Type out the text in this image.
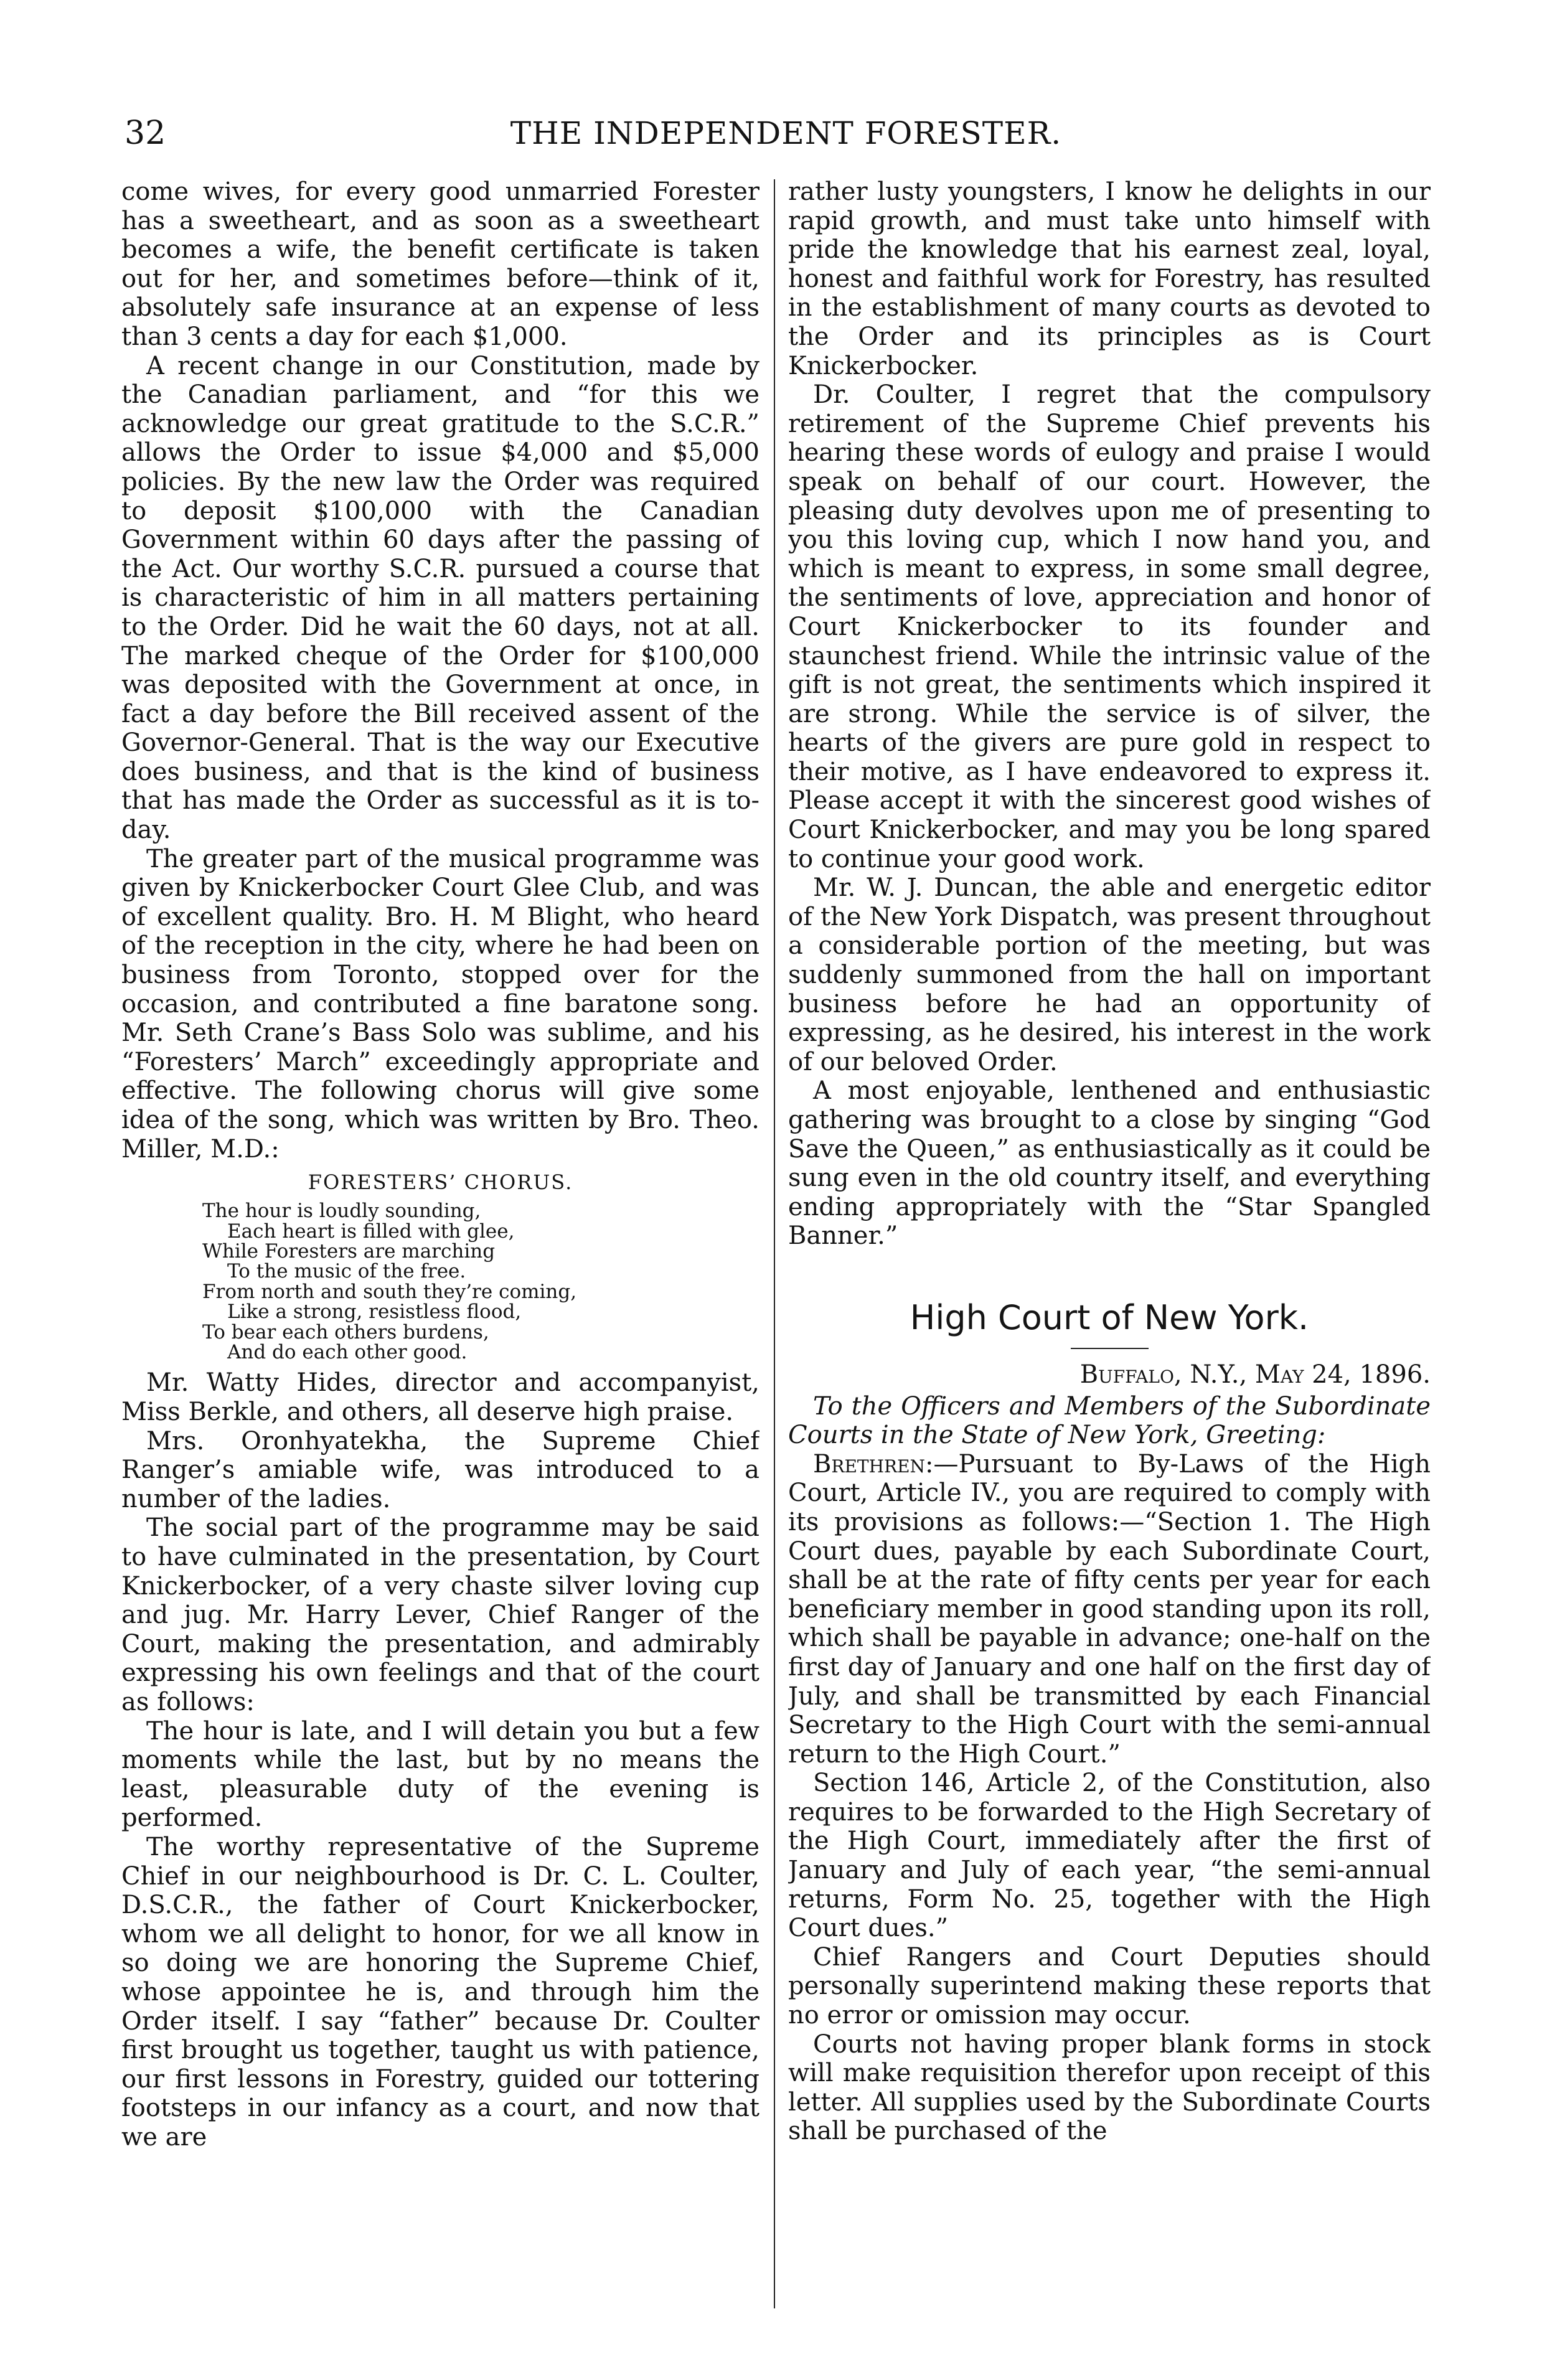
32	THE INDEPENDENT FORESTER.

come wives, for every good unmarried Forester has a sweetheart, and as soon as a sweetheart becomes a wife, the benefit certificate is taken out for her, and sometimes before—think of it, absolutely safe insurance at an expense of less than 3 cents a day for each $1,000.

A recent change in our Constitution, made by the Canadian parliament, and “for this we acknowledge our great gratitude to the S.C.R.” allows the Order to issue $4,000 and $5,000 policies. By the new law the Order was required to deposit $100,000 with the Canadian Government within 60 days after the passing of the Act. Our worthy S.C.R. pursued a course that is characteristic of him in all matters pertaining to the Order. Did he wait the 60 days, not at all. The marked cheque of the Order for $100,000 was deposited with the Government at once, in fact a day before the Bill received assent of the Governor-General. That is the way our Executive does business, and that is the kind of business that has made the Order as successful as it is to-day.

The greater part of the musical programme was given by Knickerbocker Court Glee Club, and was of excellent quality. Bro. H. M Blight, who heard of the reception in the city, where he had been on business from Toronto, stopped over for the occasion, and contributed a fine baratone song. Mr. Seth Crane’s Bass Solo was sublime, and his “Foresters’ March” exceedingly appropriate and effective. The following chorus will give some idea of the song, which was written by Bro. Theo. Miller, M.D.:

FORESTERS’ CHORUS.
The hour is loudly sounding,
Each heart is filled with glee,
While Foresters are marching
To the music of the free.
From north and south they’re coming,
Like a strong, resistless flood,
To bear each others burdens,
And do each other good.

Mr. Watty Hides, director and accompanyist, Miss Berkle, and others, all deserve high praise.

Mrs. Oronhyatekha, the Supreme Chief Ranger’s amiable wife, was introduced to a number of the ladies.

The social part of the programme may be said to have culminated in the presentation, by Court Knickerbocker, of a very chaste silver loving cup and jug. Mr. Harry Lever, Chief Ranger of the Court, making the presentation, and admirably expressing his own feelings and that of the court as follows:

The hour is late, and I will detain you but a few moments while the last, but by no means the least, pleasurable duty of the evening is performed.

The worthy representative of the Supreme Chief in our neighbourhood is Dr. C. L. Coulter, D.S.C.R., the father of Court Knickerbocker, whom we all delight to honor, for we all know in so doing we are honoring the Supreme Chief, whose appointee he is, and through him the Order itself. I say “father” because Dr. Coulter first brought us together, taught us with patience, our first lessons in Forestry, guided our tottering footsteps in our infancy as a court, and now that we are

rather lusty youngsters, I know he delights in our rapid growth, and must take unto himself with pride the knowledge that his earnest zeal, loyal, honest and faithful work for Forestry, has resulted in the establishment of many courts as devoted to the Order and its principles as is Court Knickerbocker.

Dr. Coulter, I regret that the compulsory retirement of the Supreme Chief prevents his hearing these words of eulogy and praise I would speak on behalf of our court. However, the pleasing duty devolves upon me of presenting to you this loving cup, which I now hand you, and which is meant to express, in some small degree, the sentiments of love, appreciation and honor of Court Knickerbocker to its founder and staunchest friend. While the intrinsic value of the gift is not great, the sentiments which inspired it are strong. While the service is of silver, the hearts of the givers are pure gold in respect to their motive, as I have endeavored to express it. Please accept it with the sincerest good wishes of Court Knickerbocker, and may you be long spared to continue your good work.

Mr. W. J. Duncan, the able and energetic editor of the New York Dispatch, was present throughout a considerable portion of the meeting, but was suddenly summoned from the hall on important business before he had an opportunity of expressing, as he desired, his interest in the work of our beloved Order.

A most enjoyable, lenthened and enthusiastic gathering was brought to a close by singing “God Save the Queen,” as enthusiastically as it could be sung even in the old country itself, and everything ending appropriately with the “Star Spangled Banner.”

High Court of New York.
Buffalo, N.Y., May 24, 1896.

To the Officers and Members of the Subordinate Courts in the State of New York, Greeting:

Brethren:—Pursuant to By-Laws of the High Court, Article IV., you are required to comply with its provisions as follows:—“Section 1. The High Court dues, payable by each Subordinate Court, shall be at the rate of fifty cents per year for each beneficiary member in good standing upon its roll, which shall be payable in advance; one-half on the first day of January and one half on the first day of July, and shall be transmitted by each Financial Secretary to the High Court with the semi-annual return to the High Court.”

Section 146, Article 2, of the Constitution, also requires to be forwarded to the High Secretary of the High Court, immediately after the first of January and July of each year, “the semi-annual returns, Form No. 25, together with the High Court dues.”

Chief Rangers and Court Deputies should personally superintend making these reports that no error or omission may occur.

Courts not having proper blank forms in stock will make requisition therefor upon receipt of this letter. All supplies used by the Subordinate Courts shall be purchased of the
